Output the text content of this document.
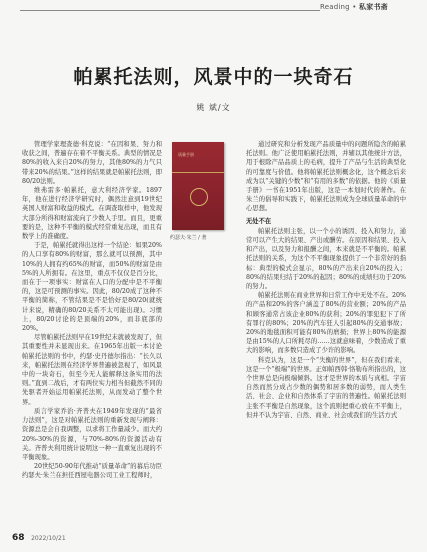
Reading • 私家书斋
帕累托法则，风景中的一块奇石
姚 斌/文

管理学家理查德·科克说：“在因和果、努力和收获之间，普遍存在着不平衡关系。典型的情况是80%的收入来自20%的努力，其他80%的力气只带来20%的结果。”这样的结果就是帕累托法则，即80/20法则。

维弗雷多·帕累托，意大利经济学家。1897年，他在进行经济学研究时，偶然注意到19世纪英国人财富和收益的模式。在调查取样中，他发现大部分所得和财富流向了少数人手里。而且，更重要的是，这种不平衡的模式经常重复出现，而且有数学上的准确度。

于是，帕累托就得出这样一个结论：如果20%的人口享有80%的财富，那么就可以预测，其中10%的人拥有约65%的财富，而50%的财富是由5%的人所拥有。在这里，重点不仅仅是百分比，而在于一项事实：财富在人口的分配中是不平衡的，这是可预测的事实。因此，80/20成了这种不平衡的简称，不管结果是不是恰好是80/20(就统计来说，精确的80/20关系不太可能出现)。习惯上，80/20讨论的是顶端的20%，而非底部的20%。

尽管帕累托法则早在19世纪末就被发现了，但其重要性并未显现出来。在1965年出版一本讨论帕累托法则的书中，约瑟·史丹德尔指出：“长久以来，帕累托法则在经济学界普遍被忽视了，如风景中的一块奇石，但至今无人能解释这条实用的法则。”直到二战后，才有两位实力相当但截然不同的先驱者开始运用帕累托法则，从而发动了整个世界。

质言学家乔治·齐普夫在1949年发现的“最省力法则”，这是对帕累托法则的重新发现与阐释：资源总是会自我调整，以求将工作量减少。而大约20%-30%的资源，与70%-80%的资源活动有关。齐普夫利用统计说明这一种一直重复出现的不平衡现象。

20世纪50-90年代推动“质量革命”的幕后功臣约瑟夫·朱兰在担任西屋电器公司工业工程师时，

质量手册
约瑟夫·朱兰 / 著

通过研究和分析发现产品质量中的问题所隐含的帕累托法则。他广泛使用帕累托法则，并辅以其他统计方法，用于根除产品品质上的毛病，提升了产品与生活的典型化的可靠度与价值。他将帕累托法则概念化，这个概念后来成为以“关键的少数”和“有用的多数”的依据。他的《质量手册》一书在1951年出版，这是一本划时代的著作。在朱兰的倡导和实践下，帕累托法则成为全球质量革命的中心思想。

无处不在

帕累托法则主张，以一个小的诱因、投入和努力，通常可以产生大的结果、产出或酬劳。在原因和结果、投入和产出，以及努力和报酬之间，本来就是不平衡的。帕累托法则的关系，为这个不平衡现象提供了一个非常好的指标：典型的模式会显示，80%的产出来自20%的投入；80%的结果归结于20%的起因；80%的成绩归功于20%的努力。

帕累托法则在商业世界和日常工作中无处不在。20%的产品和20%的客户涵盖了80%的营业额；20%的产品和顾客通常占该企业80%的获利；20%的罪犯犯下了所有罪行的80%；20%的汽车狂人引起80%的交通事故；20%的地毯面积可能有80%的磨损；世界上80%的能源是由15%的人口所耗尽的……这就意味着，少数造成了重大的影响，而多数只造成了少许的影响。

科克认为，这是一个“失衡的世界”，但在我们看来，这是一个“极端”的世界。正如帕西韩·恪勒布所指出的，这个世界总是向极端倾斜。这才是世界的本质与真相。宇宙自然而然分成占少数的偶势和居多数的弱势，而人类生活、社会、企业和自然体系了宇宙的普遍性。帕累托法则主张不平衡是自然现象，这个流则把重心放在不平衡上，但并不认为宇宙、自然、商业、社会或我们的生活方式

68 2022/10/21
